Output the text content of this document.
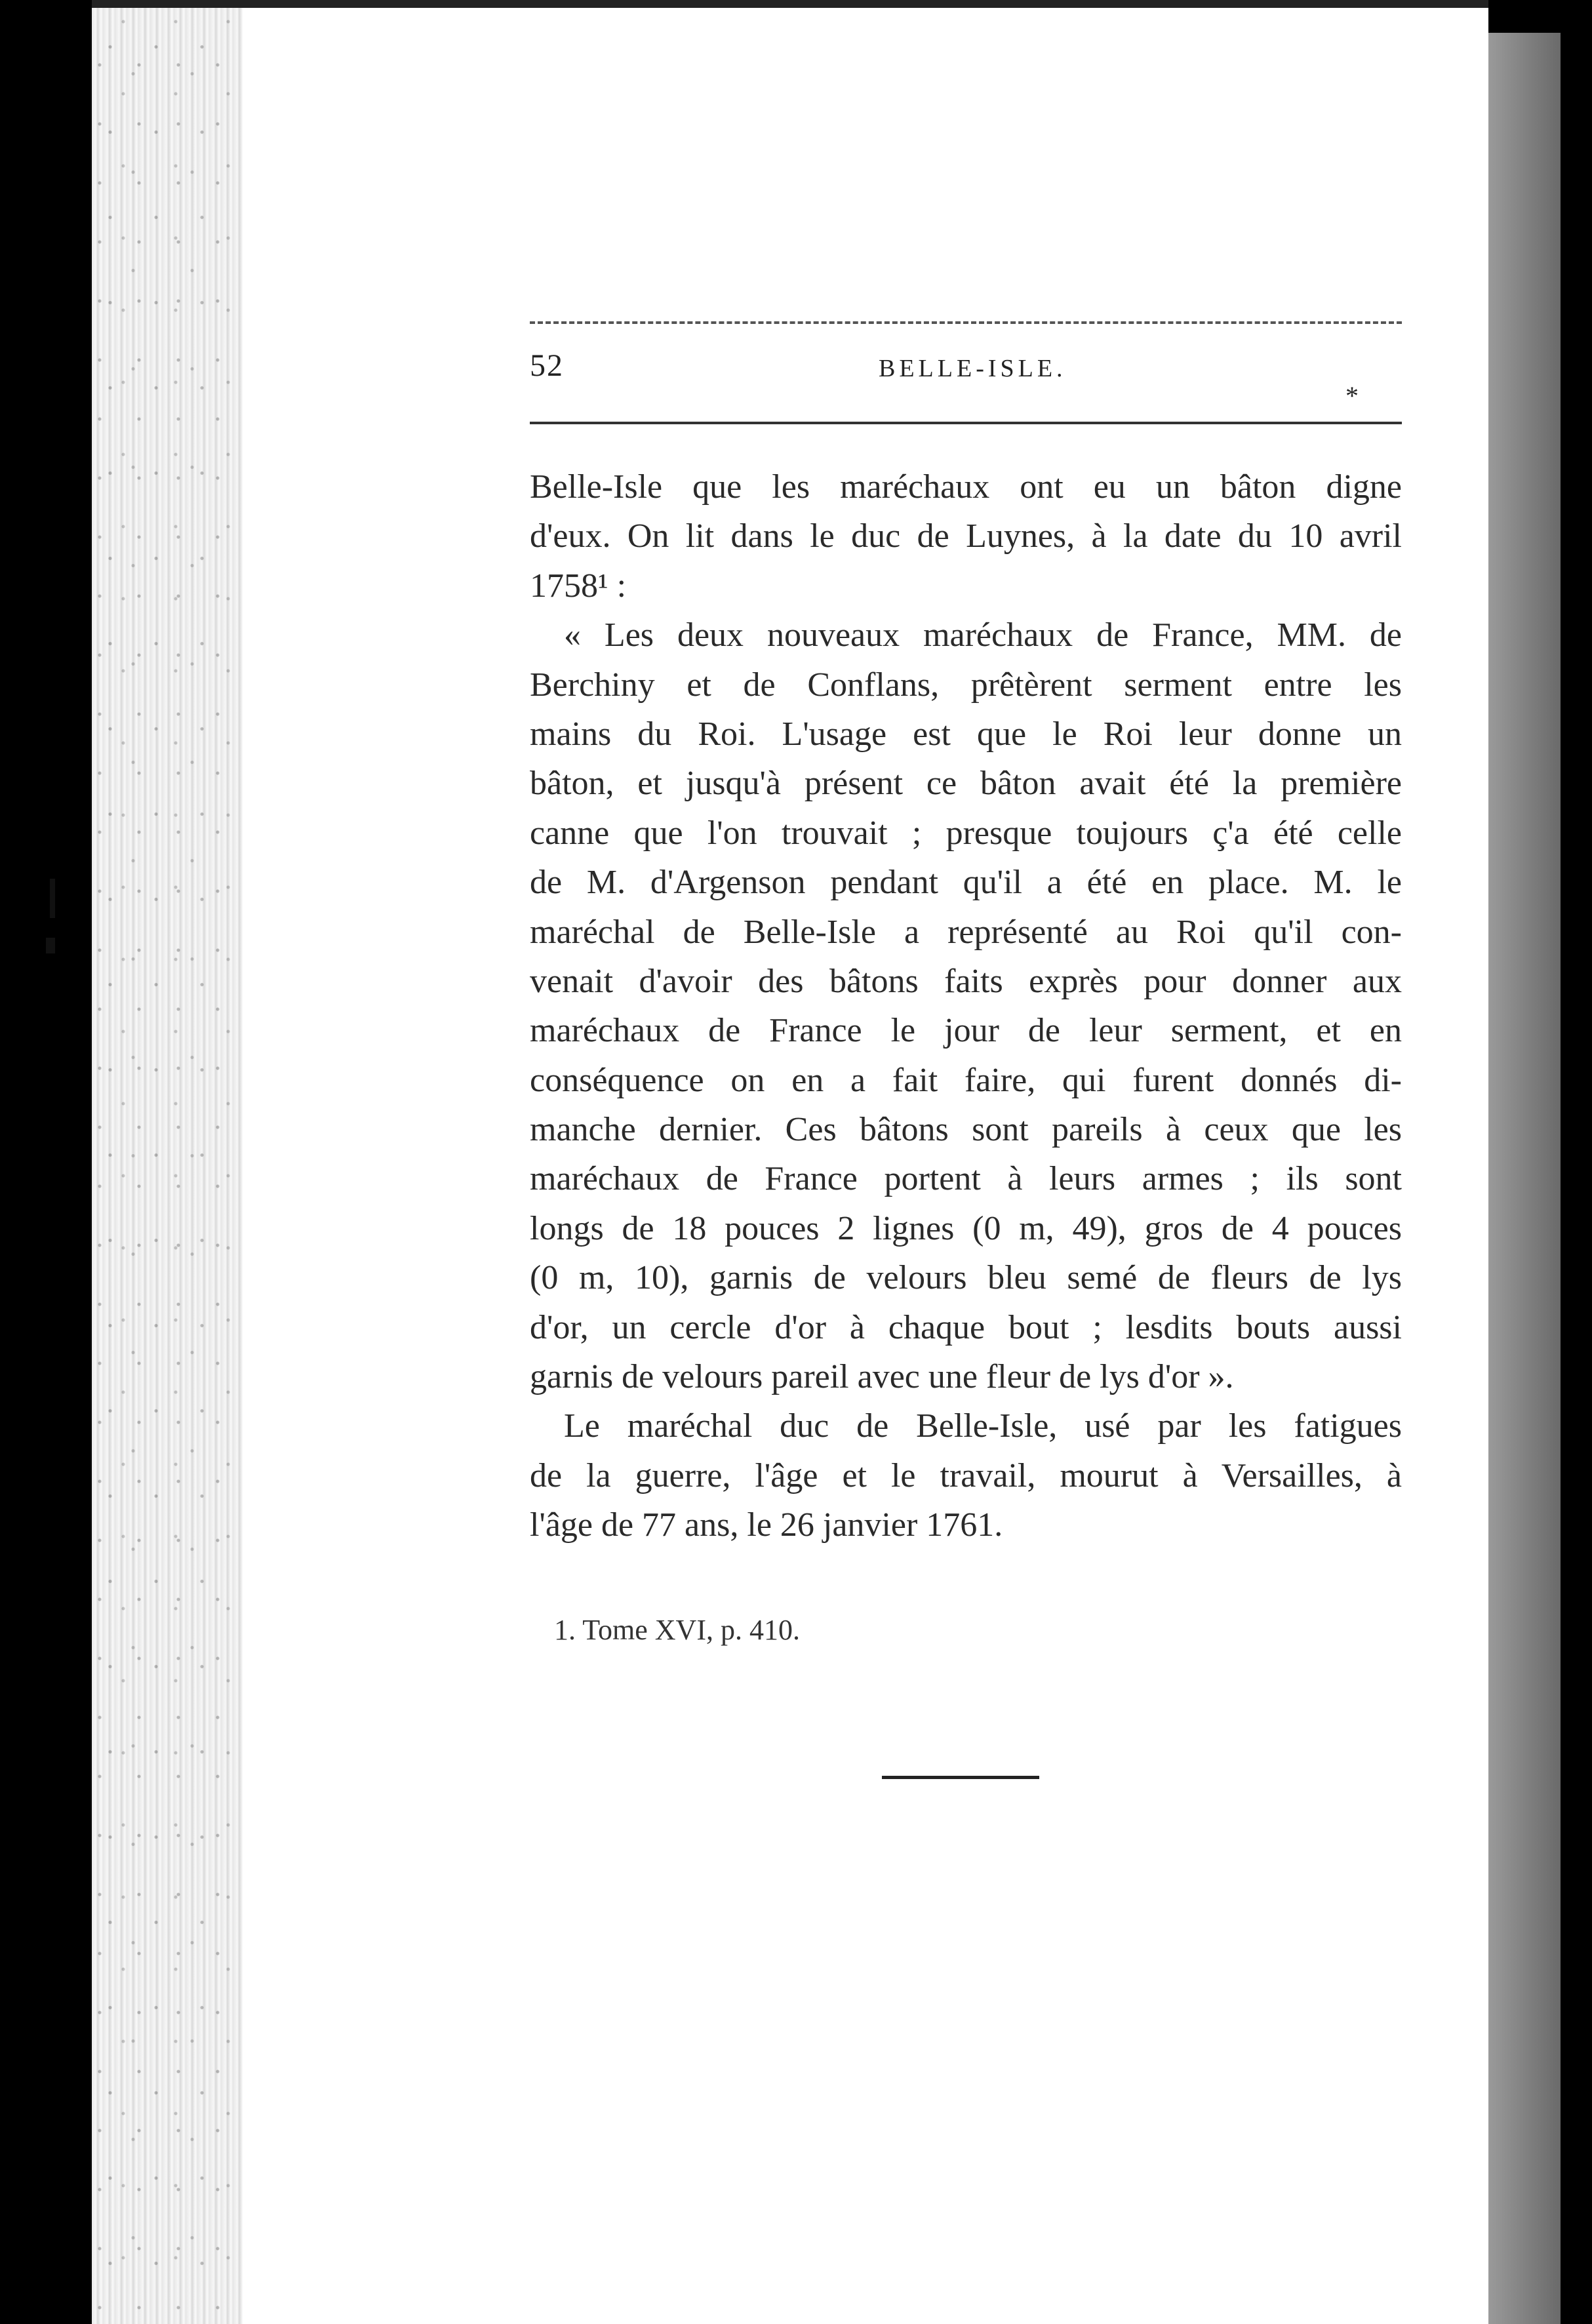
52	BELLE-ISLE.
*
Belle-Isle que les maréchaux ont eu un bâton digne
d'eux. On lit dans le duc de Luynes, à la date du 10 avril
1758¹ :
« Les deux nouveaux maréchaux de France, MM. de
Berchiny et de Conflans, prêtèrent serment entre les
mains du Roi. L'usage est que le Roi leur donne un
bâton, et jusqu'à présent ce bâton avait été la première
canne que l'on trouvait ; presque toujours ç'a été celle
de M. d'Argenson pendant qu'il a été en place. M. le
maréchal de Belle-Isle a représenté au Roi qu'il con-
venait d'avoir des bâtons faits exprès pour donner aux
maréchaux de France le jour de leur serment, et en
conséquence on en a fait faire, qui furent donnés di-
manche dernier. Ces bâtons sont pareils à ceux que les
maréchaux de France portent à leurs armes ; ils sont
longs de 18 pouces 2 lignes (0 m, 49), gros de 4 pouces
(0 m, 10), garnis de velours bleu semé de fleurs de lys
d'or, un cercle d'or à chaque bout ; lesdits bouts aussi
garnis de velours pareil avec une fleur de lys d'or ».
Le maréchal duc de Belle-Isle, usé par les fatigues
de la guerre, l'âge et le travail, mourut à Versailles, à
l'âge de 77 ans, le 26 janvier 1761.
1. Tome XVI, p. 410.
